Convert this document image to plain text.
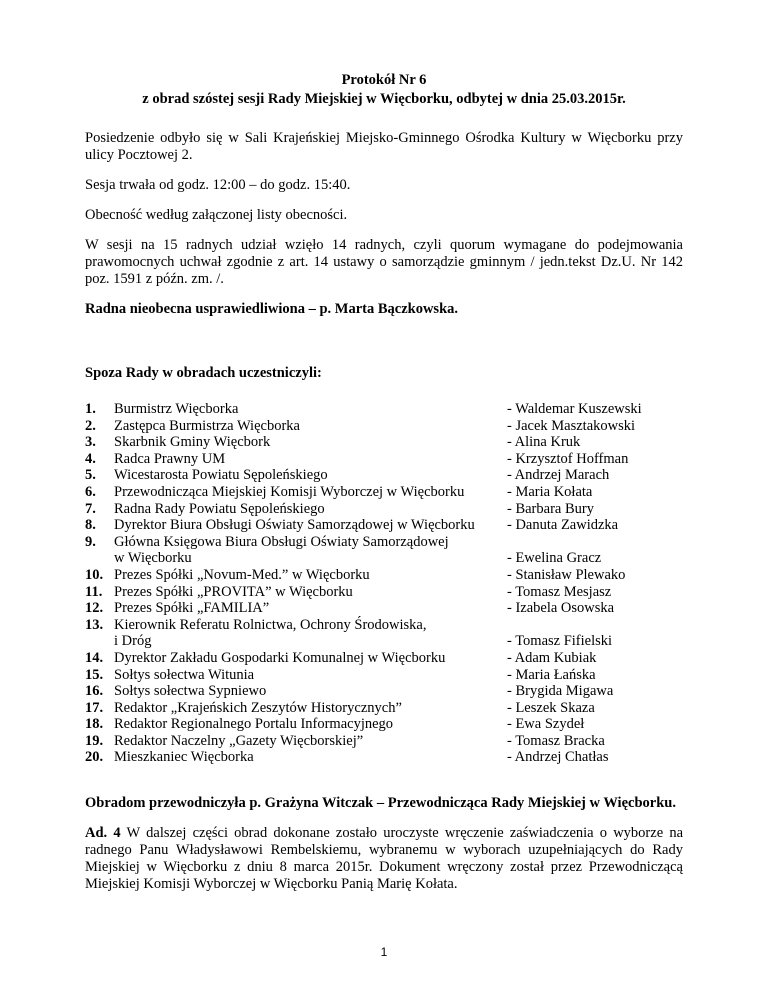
Protokół Nr 6
z obrad szóstej sesji Rady Miejskiej w Więcborku, odbytej w dnia 25.03.2015r.

Posiedzenie odbyło się w Sali Krajeńskiej Miejsko-Gminnego Ośrodka Kultury w Więcborku przy ulicy Pocztowej 2.

Sesja trwała od godz. 12:00 – do godz. 15:40.

Obecność według załączonej listy obecności.

W sesji na 15 radnych udział wzięło 14 radnych, czyli quorum wymagane do podejmowania prawomocnych uchwał zgodnie z art. 14 ustawy o samorządzie gminnym / jedn.tekst Dz.U. Nr 142 poz. 1591 z późn. zm. /.

Radna nieobecna usprawiedliwiona – p. Marta Bączkowska.

Spoza Rady w obradach uczestniczyli:

1.	Burmistrz Więcborka	- Waldemar Kuszewski
2.	Zastępca Burmistrza Więcborka	- Jacek Masztakowski
3.	Skarbnik Gminy Więcbork	- Alina Kruk
4.	Radca Prawny UM	- Krzysztof Hoffman
5.	Wicestarosta Powiatu Sępoleńskiego	- Andrzej Marach
6.	Przewodnicząca Miejskiej Komisji Wyborczej w Więcborku	- Maria Kołata
7.	Radna Rady Powiatu Sępoleńskiego	- Barbara Bury
8.	Dyrektor Biura Obsługi Oświaty Samorządowej w Więcborku	- Danuta Zawidzka
9.	Główna Księgowa Biura Obsługi Oświaty Samorządowej
w Więcborku	- Ewelina Gracz
10.	Prezes Spółki „Novum-Med.” w Więcborku	- Stanisław Plewako
11.	Prezes Spółki „PROVITA” w Więcborku	- Tomasz Mesjasz
12.	Prezes Spółki „FAMILIA”	- Izabela Osowska
13.	Kierownik Referatu Rolnictwa, Ochrony Środowiska,
i Dróg	- Tomasz Fifielski
14.	Dyrektor Zakładu Gospodarki Komunalnej w Więcborku	- Adam Kubiak
15.	Sołtys sołectwa Witunia	- Maria Łańska
16.	Sołtys sołectwa Sypniewo	- Brygida Migawa
17.	Redaktor „Krajeńskich Zeszytów Historycznych”	- Leszek Skaza
18.	Redaktor Regionalnego Portalu Informacyjnego	- Ewa Szydeł
19.	Redaktor Naczelny „Gazety Więcborskiej”	- Tomasz Bracka
20.	Mieszkaniec Więcborka	- Andrzej Chatłas

Obradom przewodniczyła p. Grażyna Witczak – Przewodnicząca Rady Miejskiej w Więcborku.

Ad. 4 W dalszej części obrad dokonane zostało uroczyste wręczenie zaświadczenia o wyborze na radnego Panu Władysławowi Rembelskiemu, wybranemu w wyborach uzupełniających do Rady Miejskiej w Więcborku z dniu 8 marca 2015r. Dokument wręczony został przez Przewodniczącą Miejskiej Komisji Wyborczej w Więcborku Panią Marię Kołata.

1
